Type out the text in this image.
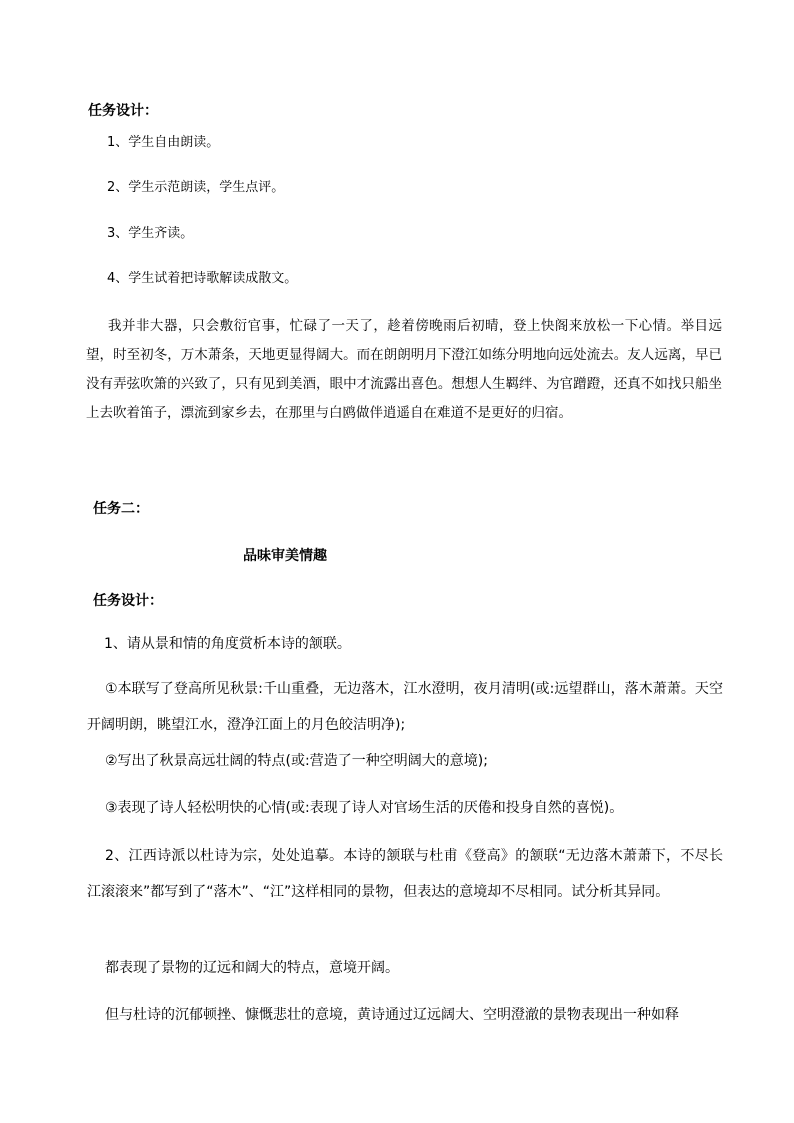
任务设计：
1、学生自由朗读。
2、学生示范朗读，学生点评。
3、学生齐读。
4、学生试着把诗歌解读成散文。
我并非大器，只会敷衍官事，忙碌了一天了，趁着傍晚雨后初晴，登上快阁来放松一下心情。举目远望，时至初冬，万木萧条，天地更显得阔大。而在朗朗明月下澄江如练分明地向远处流去。友人远离，早已没有弄弦吹箫的兴致了，只有见到美酒，眼中才流露出喜色。想想人生羁绊、为官蹭蹬，还真不如找只船坐上去吹着笛子，漂流到家乡去，在那里与白鸥做伴逍遥自在难道不是更好的归宿。
任务二：
品味审美情趣
任务设计：
1、请从景和情的角度赏析本诗的颔联。
①本联写了登高所见秋景:千山重叠，无边落木，江水澄明，夜月清明(或:远望群山，落木萧萧。天空开阔明朗，眺望江水，澄净江面上的月色皎洁明净);
②写出了秋景高远壮阔的特点(或:营造了一种空明阔大的意境);
③表现了诗人轻松明快的心情(或:表现了诗人对官场生活的厌倦和投身自然的喜悦)。
2、江西诗派以杜诗为宗，处处追摹。本诗的颔联与杜甫《登高》的颔联“无边落木萧萧下，不尽长江滚滚来”都写到了“落木”、“江”这样相同的景物，但表达的意境却不尽相同。试分析其异同。
都表现了景物的辽远和阔大的特点，意境开阔。
但与杜诗的沉郁顿挫、慷慨悲壮的意境，黄诗通过辽远阔大、空明澄澈的景物表现出一种如释
